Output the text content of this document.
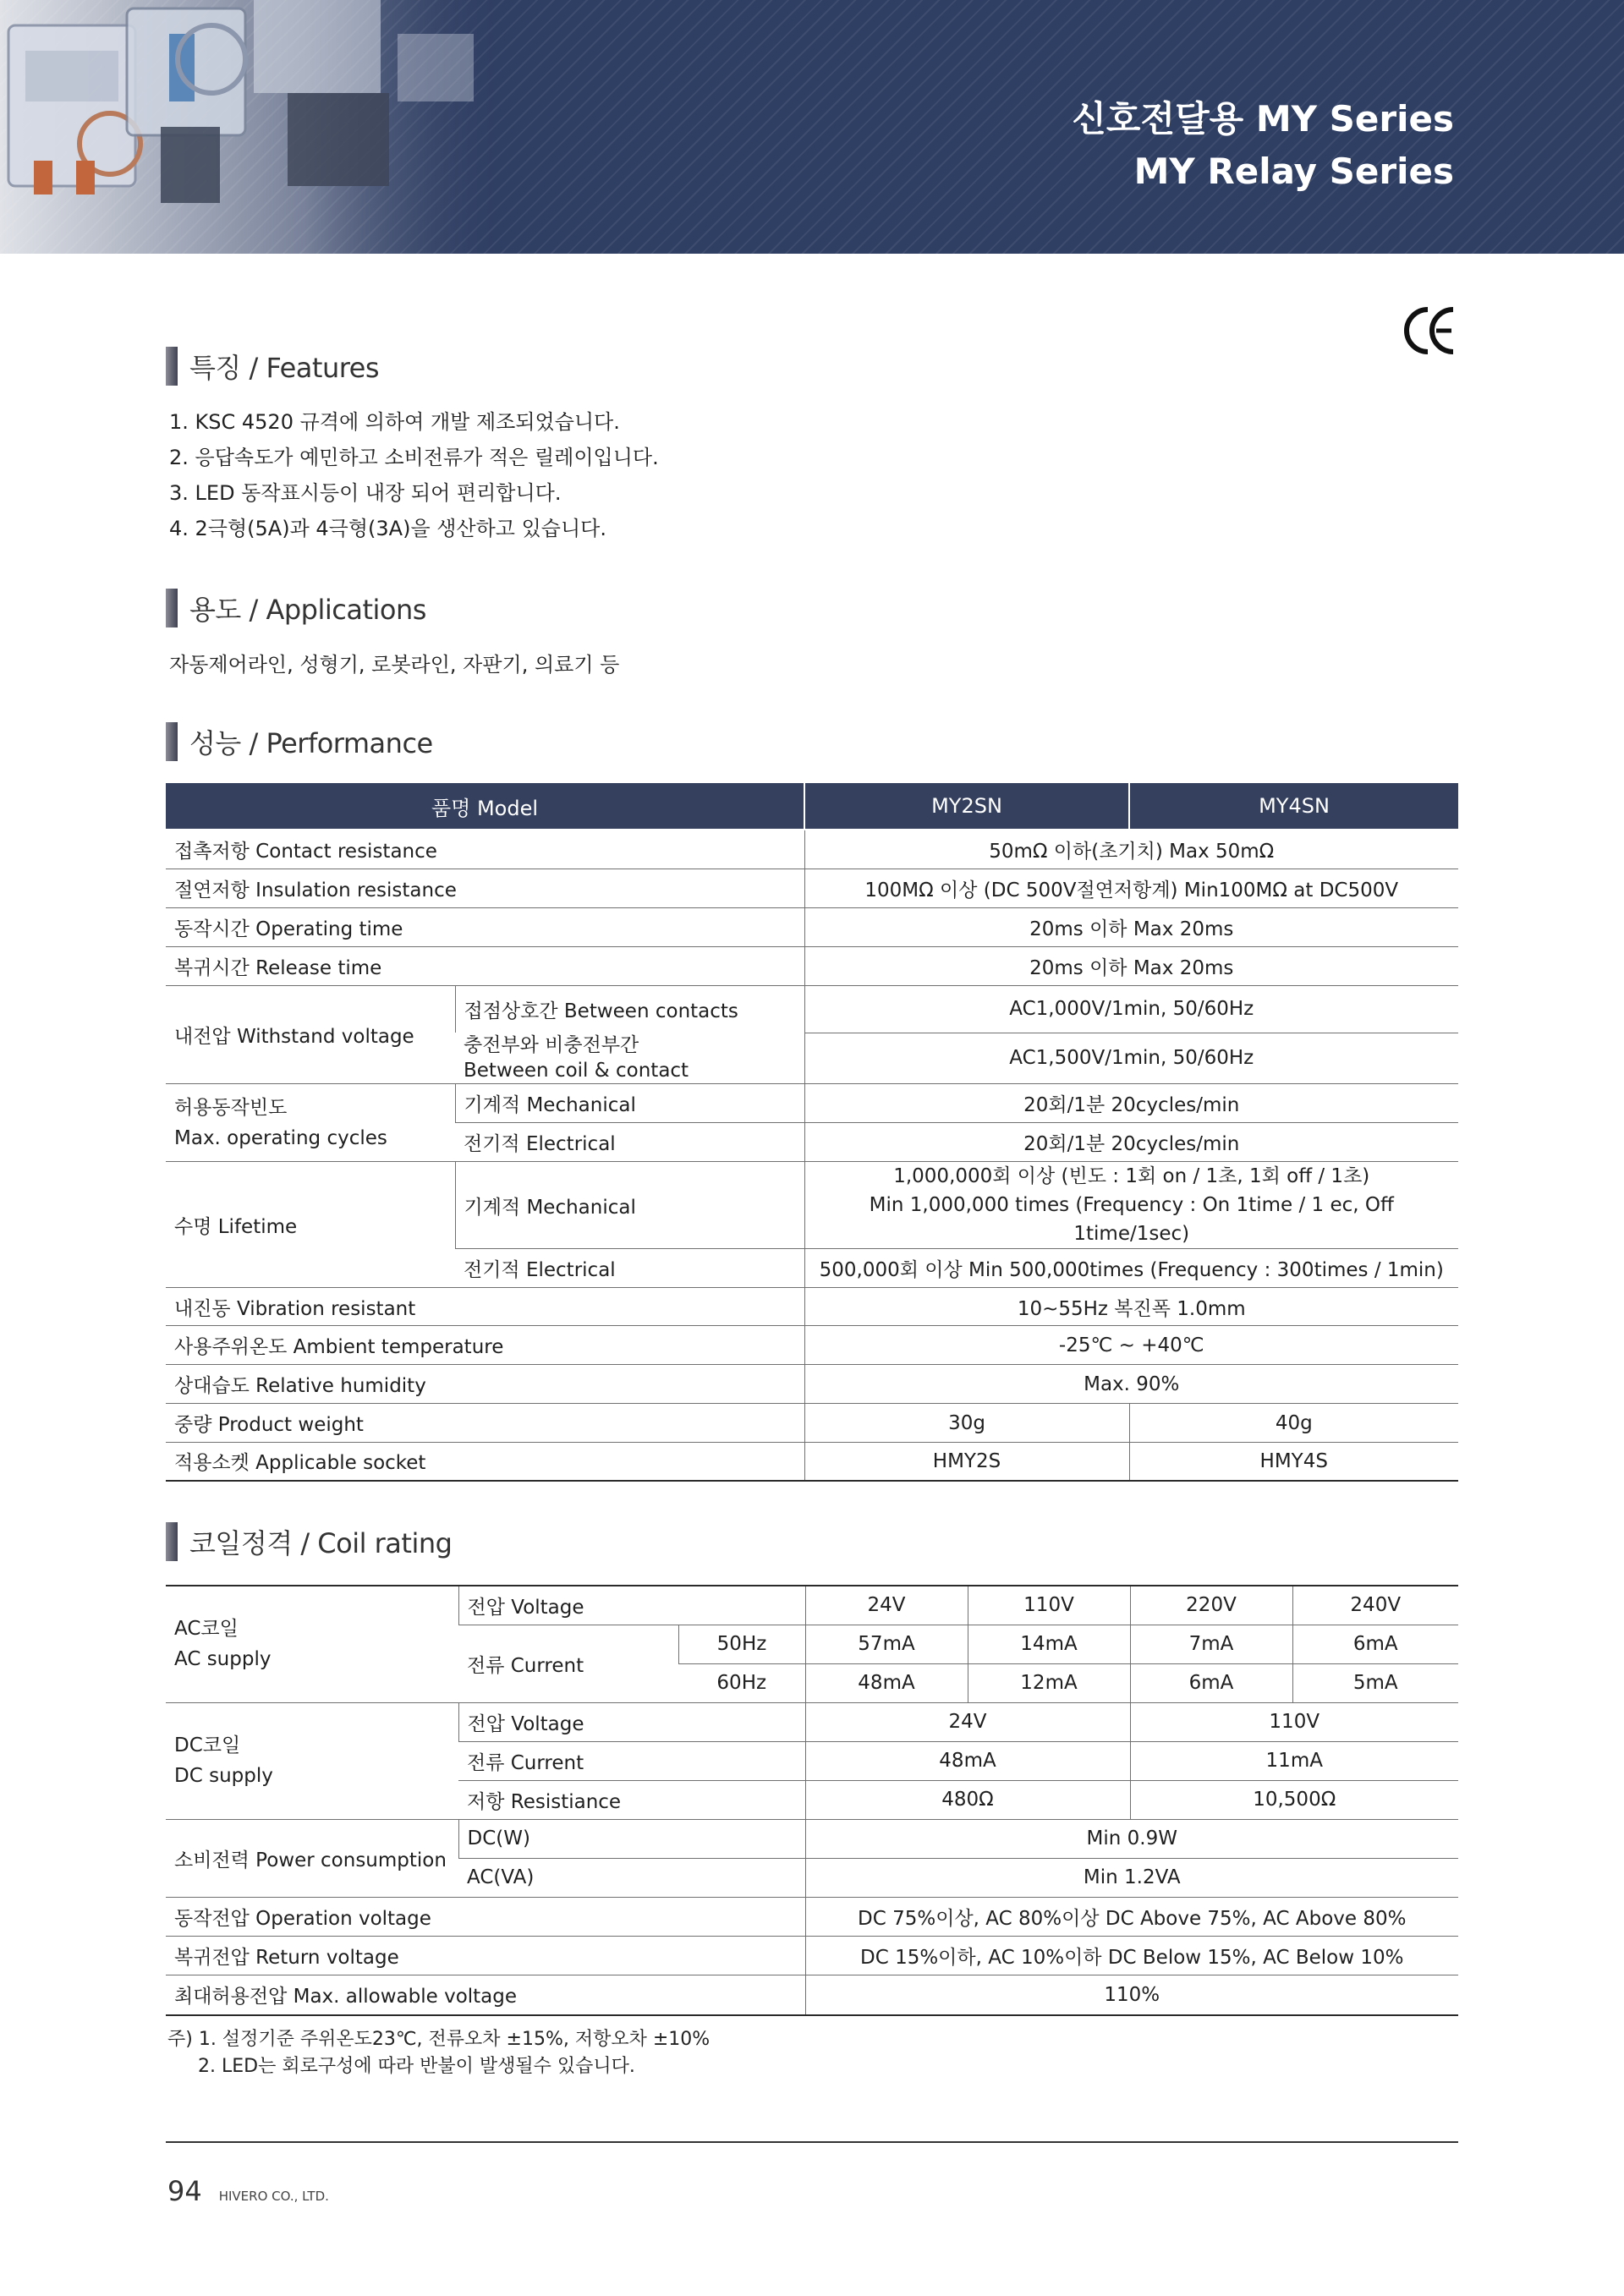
신호전달용 MY Series
MY Relay Series
특징 / Features
1. KSC 4520 규격에 의하여 개발 제조되었습니다.
2. 응답속도가 예민하고 소비전류가 적은 릴레이입니다.
3. LED 동작표시등이 내장 되어 편리합니다.
4. 2극형(5A)과 4극형(3A)을 생산하고 있습니다.
용도 / Applications
자동제어라인, 성형기, 로봇라인, 자판기, 의료기 등
성능 / Performance
품명 Model		MY2SN	MY4SN
접촉저항 Contact resistance		50mΩ 이하(초기치) Max 50mΩ	
절연저항 Insulation resistance		100MΩ 이상 (DC 500V절연저항계) Min100MΩ at DC500V	
동작시간 Operating time		20ms 이하 Max 20ms	
복귀시간 Release time		20ms 이하 Max 20ms	
내전압 Withstand voltage	접점상호간 Between contacts	AC1,000V/1min, 50/60Hz	

	충전부와 비충전부간
Between coil & contact	AC1,500V/1min, 50/60Hz	

허용동작빈도
Max. operating cycles	기계적 Mechanical	20회/1분 20cycles/min	
	전기적 Electrical	20회/1분 20cycles/min	
수명 Lifetime	기계적 Mechanical	1,000,000회 이상 (빈도 : 1회 on / 1초, 1회 off / 1초)
Min 1,000,000 times (Frequency : On 1time / 1 ec, Off 1time/1sec)	

	전기적 Electrical	500,000회 이상 Min 500,000times (Frequency : 300times / 1min)	
내진동 Vibration resistant		10~55Hz 복진폭 1.0mm	
사용주위온도 Ambient temperature		-25℃ ~ +40℃	
상대습도 Relative humidity		Max. 90%	
중량 Product weight		30g	40g
적용소켓 Applicable socket		HMY2S	HMY4S
코일정격 / Coil rating
AC코일
AC supply	전압 Voltage		24V	110V	220V	240V
	전류 Current	50Hz	57mA	14mA	7mA	6mA
		60Hz	48mA	12mA	6mA	5mA

DC코일
DC supply	전압 Voltage		24V		110V	
	전류 Current		48mA		11mA	
	저항 Resistiance		480Ω		10,500Ω	
소비전력 Power consumption	DC(W)		Min 0.9W			
	AC(VA)		Min 1.2VA			
동작전압 Operation voltage			DC 75%이상, AC 80%이상 DC Above 75%, AC Above 80%			
복귀전압 Return voltage			DC 15%이하, AC 10%이하 DC Below 15%, AC Below 10%			
최대허용전압 Max. allowable voltage			110%			
주) 1. 설정기준 주위온도23℃, 전류오차 ±15%, 저항오차 ±10%
2. LED는 회로구성에 따라 반불이 발생될수 있습니다.
94 HIVERO CO., LTD.
